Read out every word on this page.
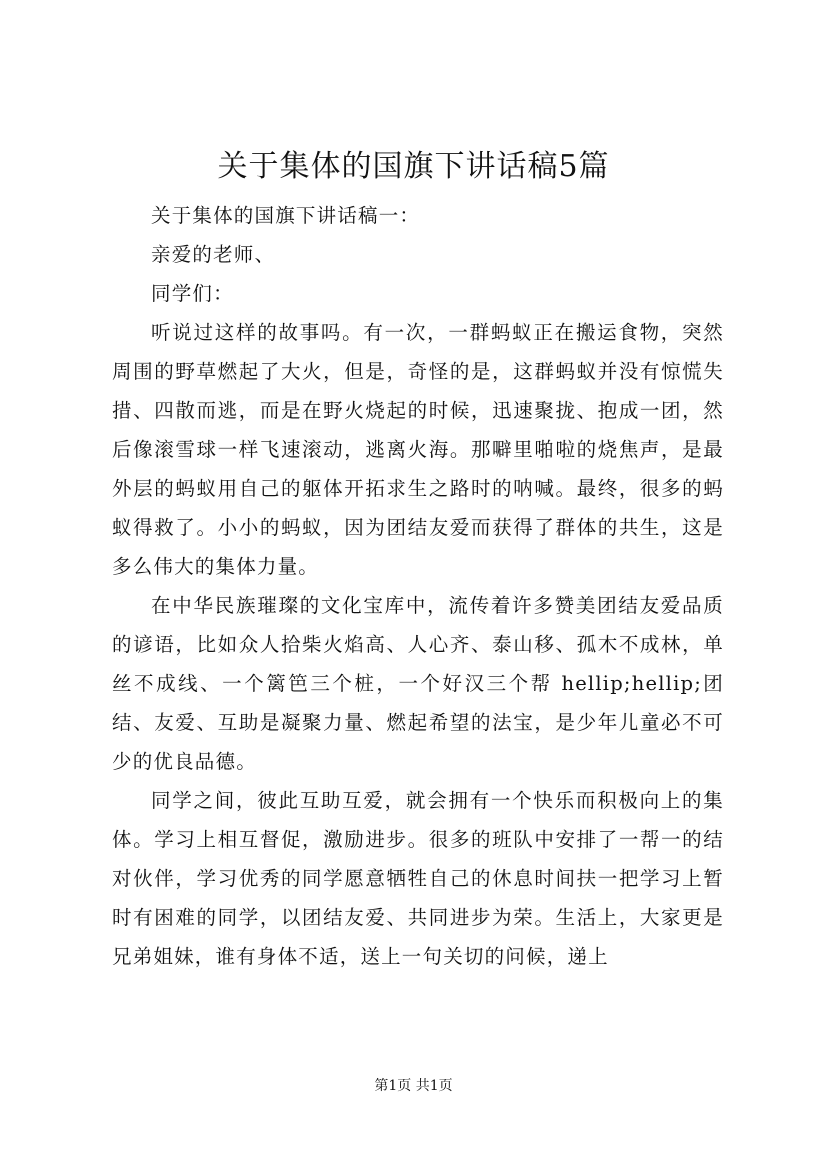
关于集体的国旗下讲话稿5篇

关于集体的国旗下讲话稿一：

亲爱的老师、

同学们：

听说过这样的故事吗。有一次，一群蚂蚁正在搬运食物，突然周围的野草燃起了大火，但是，奇怪的是，这群蚂蚁并没有惊慌失措、四散而逃，而是在野火烧起的时候，迅速聚拢、抱成一团，然后像滚雪球一样飞速滚动，逃离火海。那噼里啪啦的烧焦声，是最外层的蚂蚁用自己的躯体开拓求生之路时的呐喊。最终，很多的蚂蚁得救了。小小的蚂蚁，因为团结友爱而获得了群体的共生，这是多么伟大的集体力量。

在中华民族璀璨的文化宝库中，流传着许多赞美团结友爱品质的谚语，比如众人拾柴火焰高、人心齐、泰山移、孤木不成林，单丝不成线、一个篱笆三个桩，一个好汉三个帮 hellip;hellip;团结、友爱、互助是凝聚力量、燃起希望的法宝，是少年儿童必不可少的优良品德。

同学之间，彼此互助互爱，就会拥有一个快乐而积极向上的集体。学习上相互督促，激励进步。很多的班队中安排了一帮一的结对伙伴，学习优秀的同学愿意牺牲自己的休息时间扶一把学习上暂时有困难的同学，以团结友爱、共同进步为荣。生活上，大家更是兄弟姐妹，谁有身体不适，送上一句关切的问候，递上

第1页 共1页
